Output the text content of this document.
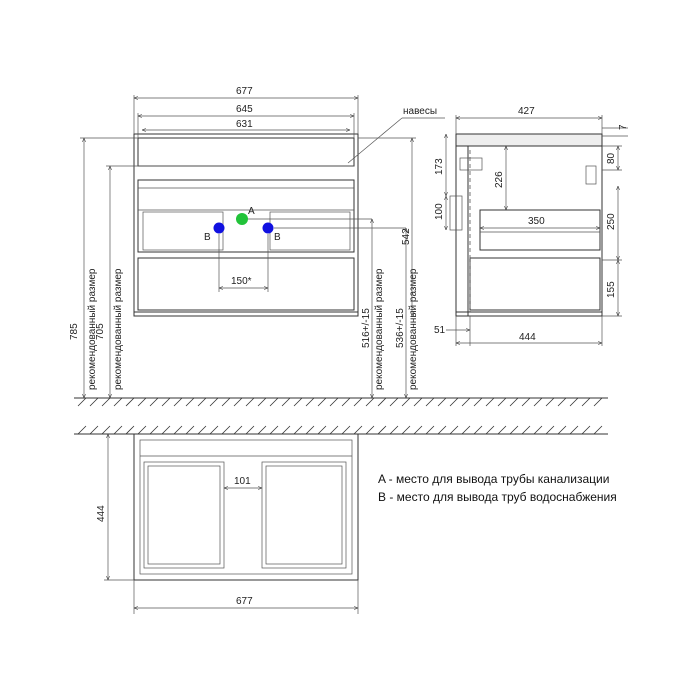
677
645
631
A
B	B
150*
навесы
785 рекомендованный размер
705 рекомендованный размер	516+/-15 рекомендованный размер 536+/-15 рекомендованный размер
542
427
7
173
100
226
350
80
250
155
51
444
444
101
677
A - место для вывода трубы канализации
B - место для вывода труб водоснабжения
